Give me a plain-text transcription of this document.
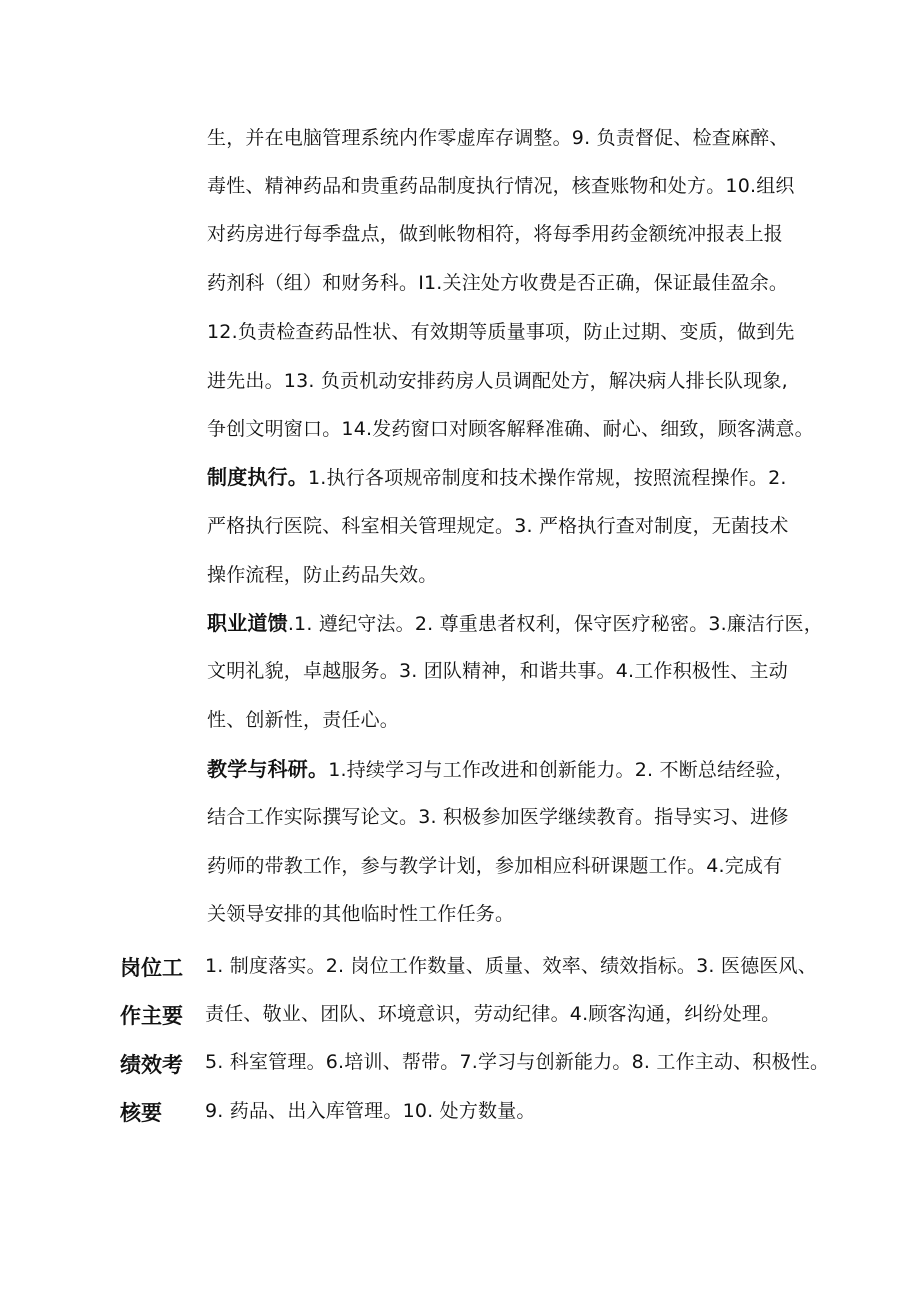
生，并在电脑管理系统内作零虚库存调整。9. 负责督促、检查麻醉、
毒性、精神药品和贵重药品制度执行情况，核查账物和处方。10.组织
对药房进行每季盘点，做到帐物相符，将每季用药金额统冲报表上报
药剂科（组）和财务科。I1.关注处方收费是否正确，保证最佳盈余。
12.负责检查药品性状、有效期等质量事项，防止过期、变质，做到先
进先出。13. 负贡机动安排药房人员调配处方，解决病人排长队现象,
争创文明窗口。14.发药窗口对顾客解释准确、耐心、细致，顾客满意。
制度执行。1.执行各项规帝制度和技术操作常规，按照流程操作。2.
严格执行医院、科室相关管理规定。3. 严格执行查对制度，无菌技术
操作流程，防止药品失效。
职业道馈.1. 遵纪守法。2. 尊重患者权利，保守医疗秘密。3.廉洁行医，
文明礼貌，卓越服务。3. 团队精神，和谐共事。4.工作积极性、主动
性、创新性，责任心。
教学与科研。1.持续学习与工作改进和创新能力。2. 不断总结经验，
结合工作实际撰写论文。3. 积极参加医学继续教育。指导实习、进修
药师的带教工作，参与教学计划，参加相应科研课题工作。4.完成有
关领导安排的其他临时性工作任务。
岗位工
作主要
绩效考
核要
1. 制度落实。2. 岗位工作数量、质量、效率、绩效指标。3. 医德医风、
责任、敬业、团队、环境意识，劳动纪律。4.顾客沟通，纠纷处理。
5. 科室管理。6.培训、帮带。7.学习与创新能力。8. 工作主动、积极性。
9. 药品、出入库管理。10. 处方数量。
